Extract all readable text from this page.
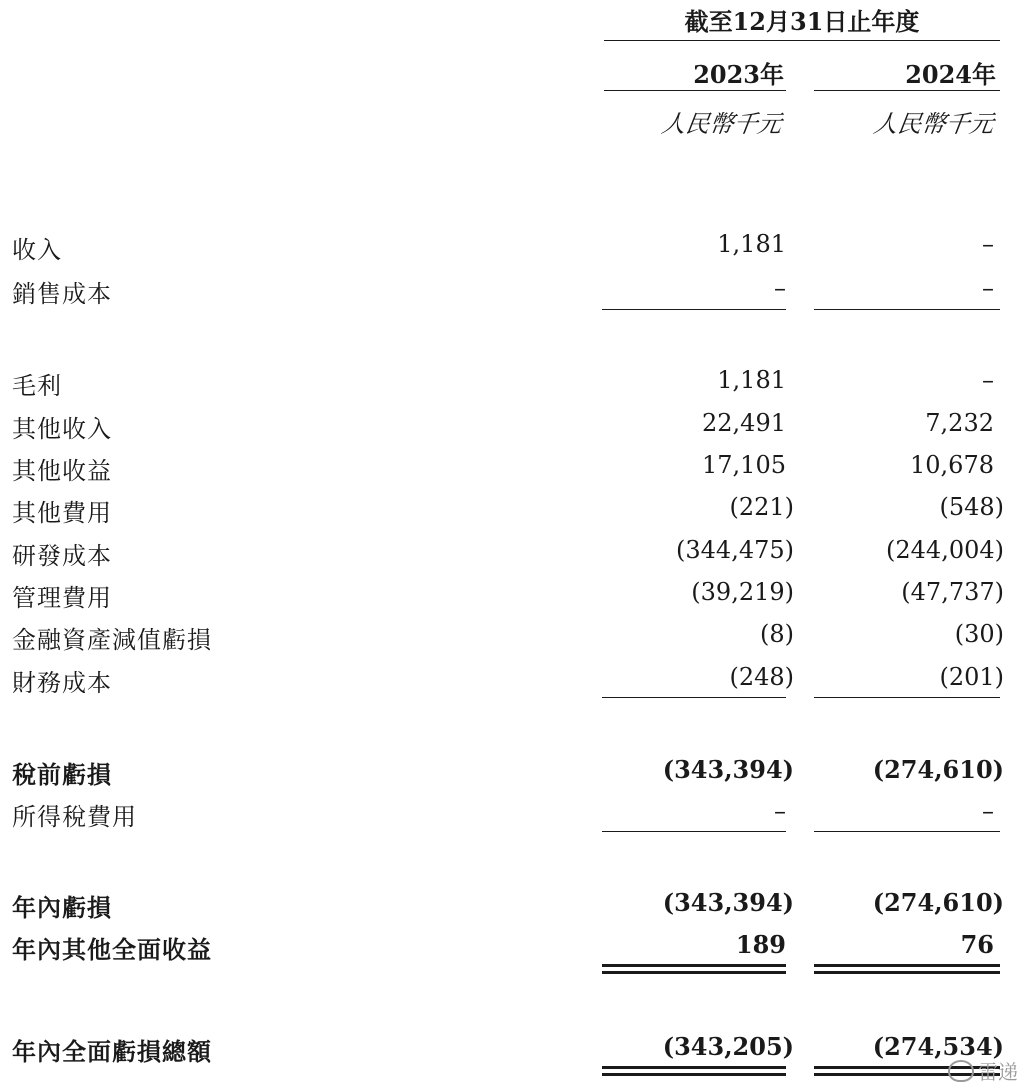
截至12月31日止年度
2023年	2024年
人民幣千元	人民幣千元
收入	1,181	–
銷售成本	–	–
毛利	1,181	–
其他收入	22,491	7,232
其他收益	17,105	10,678
其他費用	(221)	(548)
研發成本	(344,475)	(244,004)
管理費用	(39,219)	(47,737)
金融資產減值虧損	(8)	(30)
財務成本	(248)	(201)
稅前虧損	(343,394)	(274,610)
所得稅費用	–	–
年內虧損	(343,394)	(274,610)
年內其他全面收益	189	76
年內全面虧損總額	(343,205)	(274,534)
雷递
